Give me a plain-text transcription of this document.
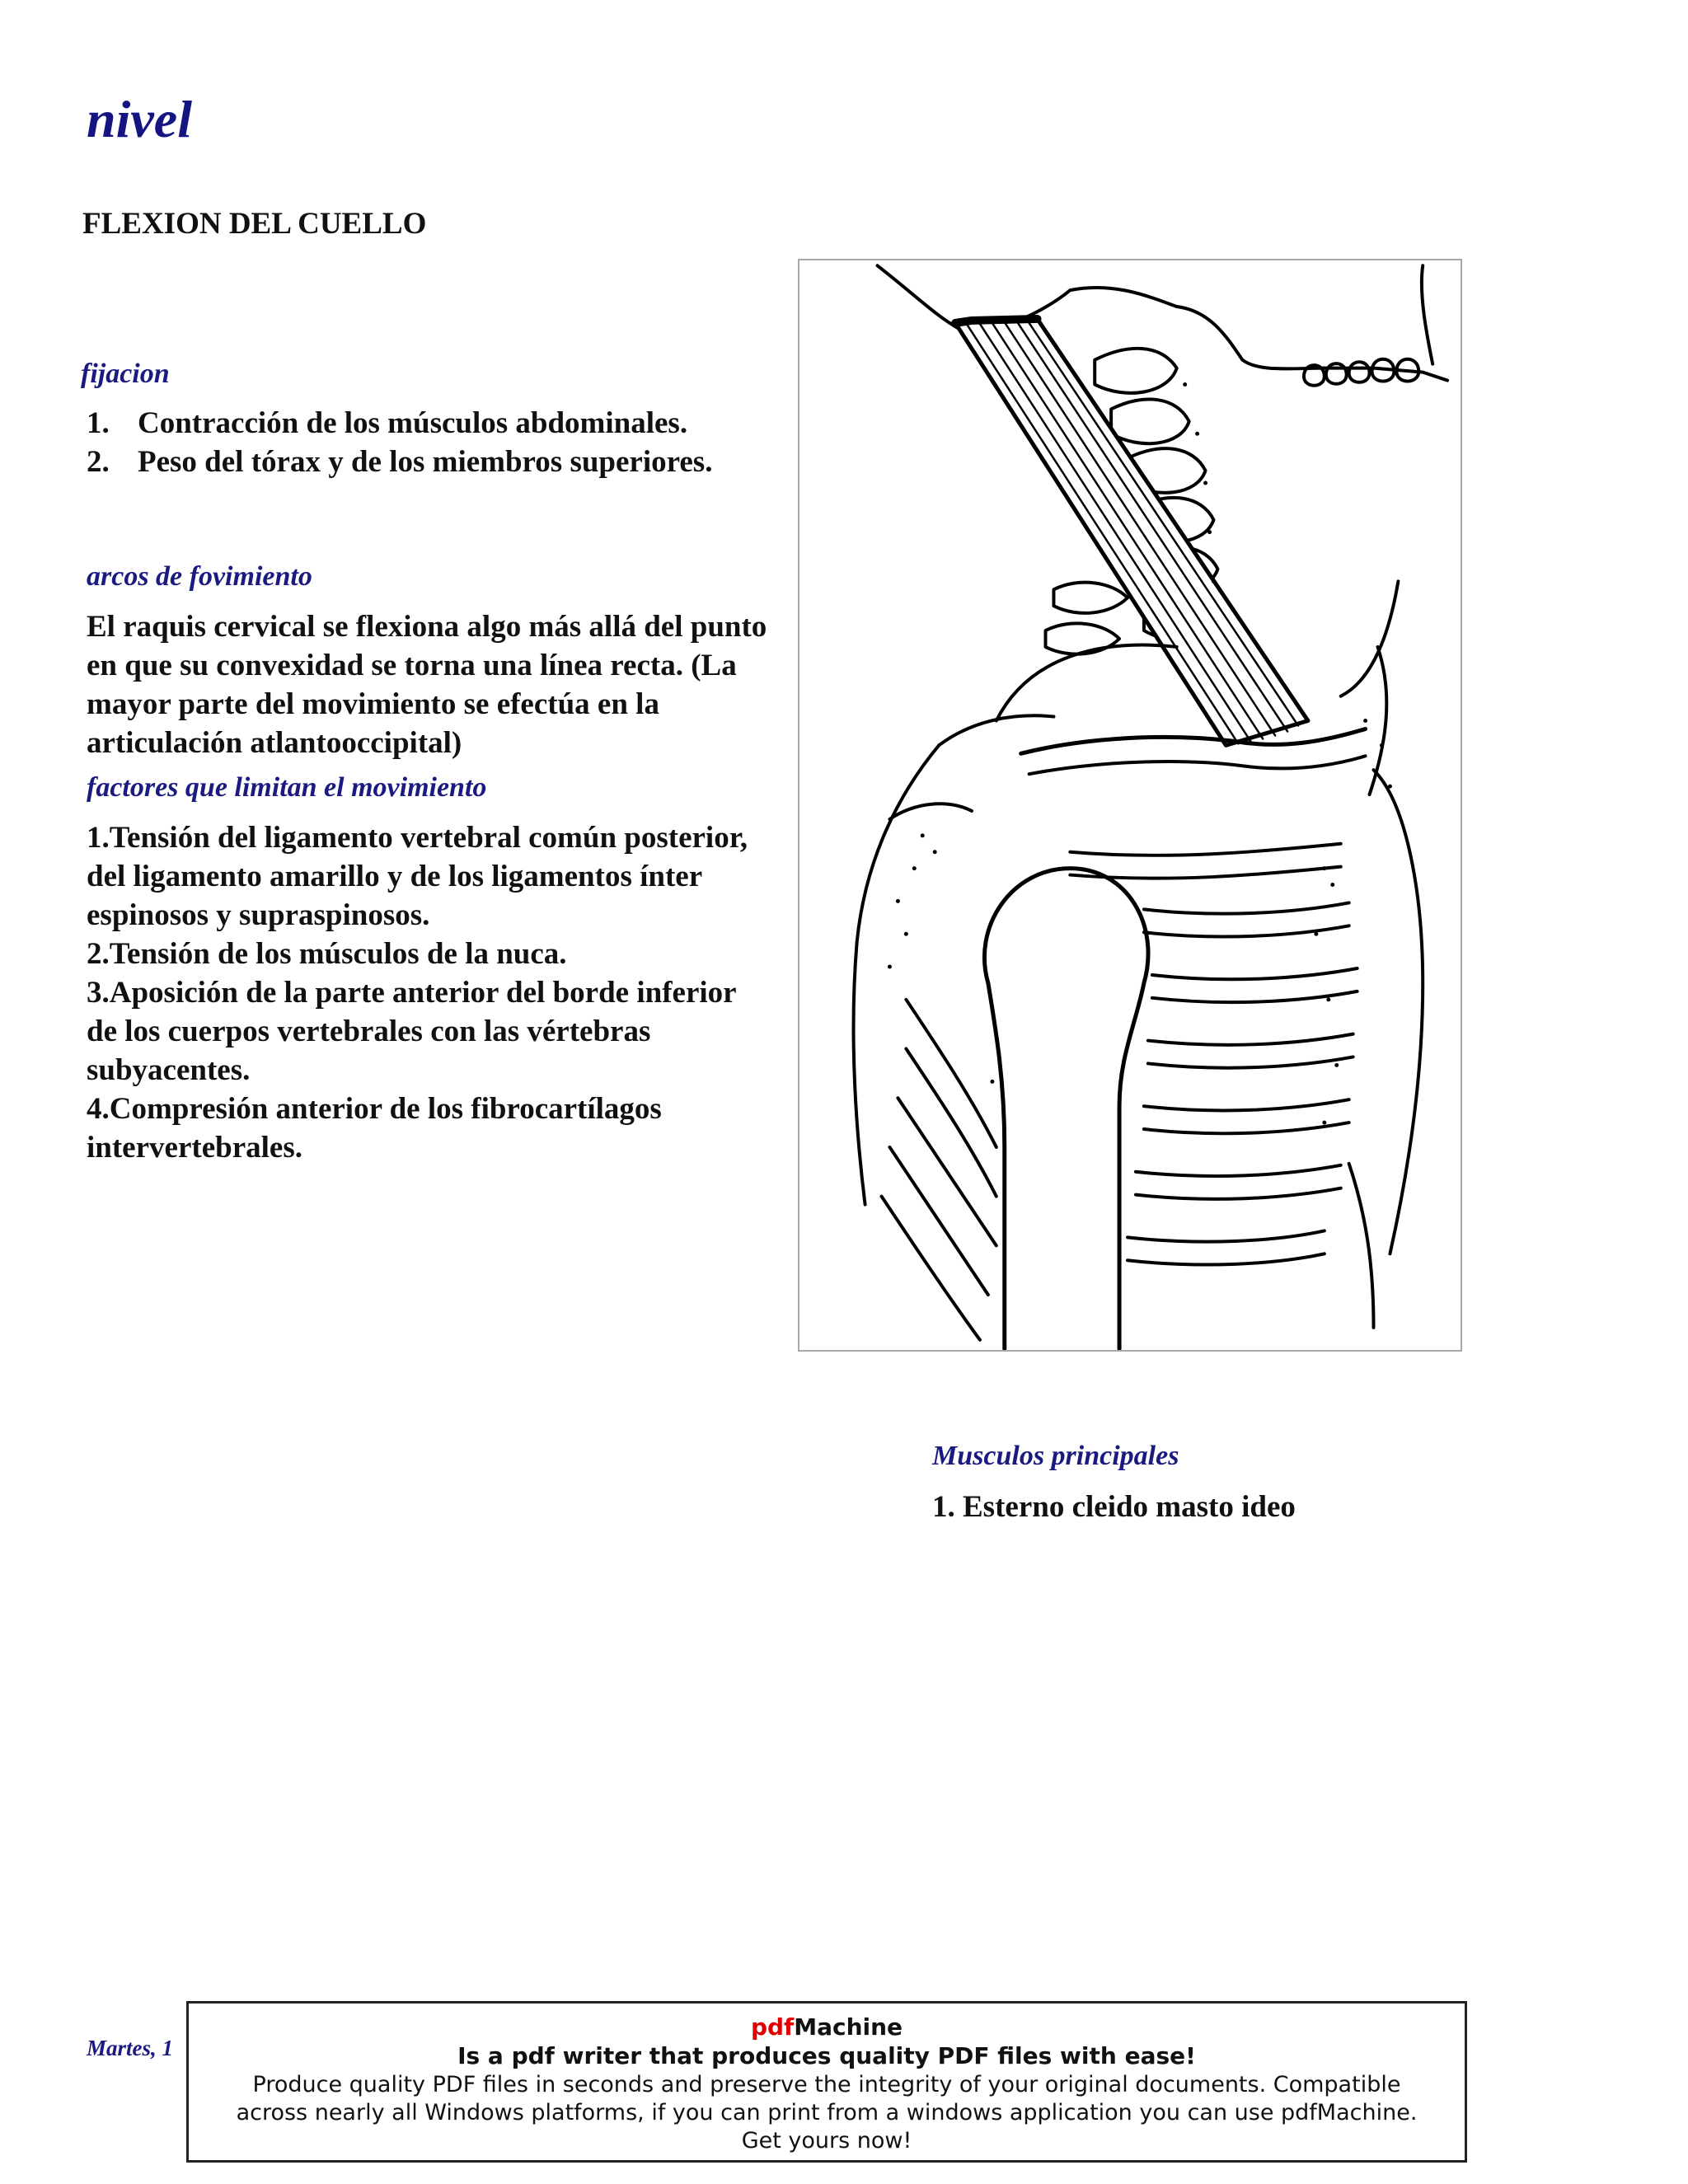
nivel
FLEXION DEL CUELLO
fijacion
1. Contracción de los músculos abdominales.
2. Peso del tórax y de los miembros superiores.
arcos de fovimiento
El raquis cervical se flexiona algo más allá del punto en que su convexidad se torna una línea recta. (La mayor parte del movimiento se efectúa en la articulación atlantooccipital)
factores que limitan el movimiento
1.Tensión del ligamento vertebral común posterior, del ligamento amarillo y de los ligamentos ínter espinosos y supraspinosos.
2.Tensión de los músculos de la nuca.
3.Aposición de la parte anterior del borde inferior de los cuerpos vertebrales con las vértebras subyacentes.
4.Compresión anterior de los fibrocartílagos intervertebrales.
Musculos principales
1. Esterno cleido masto ideo
Martes, 1
pdfMachine
Is a pdf writer that produces quality PDF files with ease!
Produce quality PDF files in seconds and preserve the integrity of your original documents. Compatible across nearly all Windows platforms, if you can print from a windows application you can use pdfMachine.
Get yours now!
